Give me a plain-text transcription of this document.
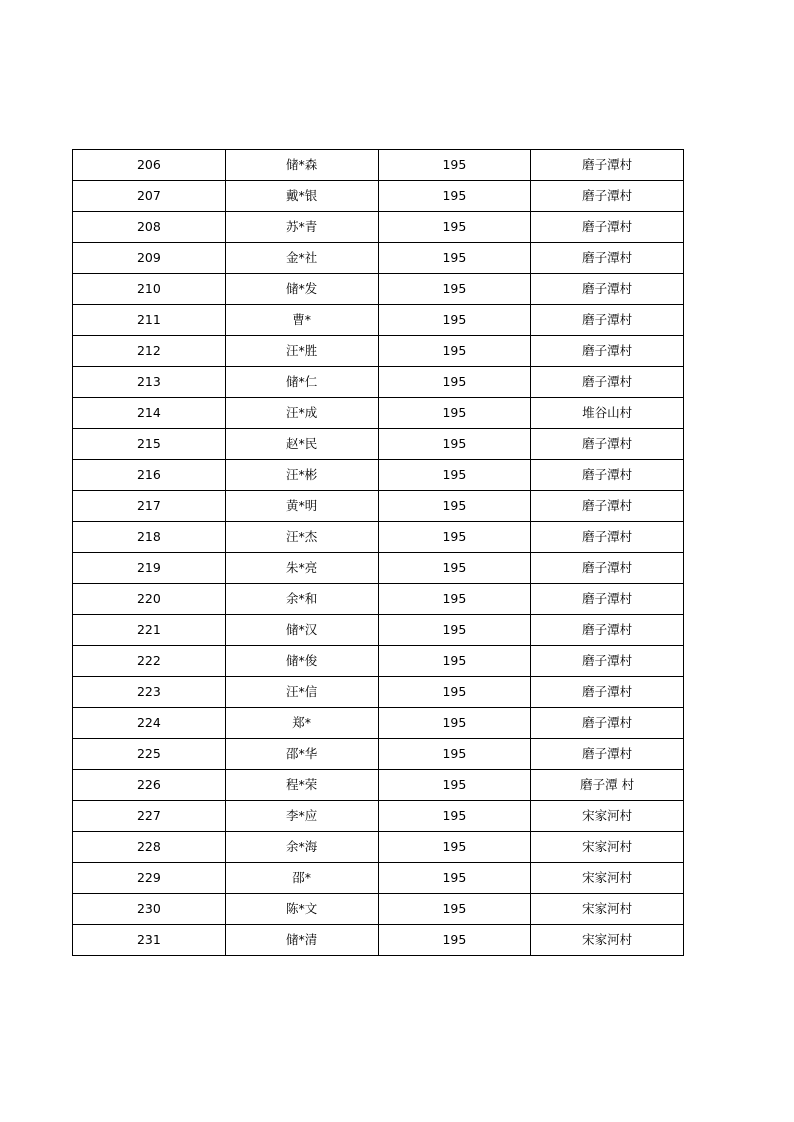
206	储*森	195	磨子潭村
207	戴*银	195	磨子潭村
208	苏*青	195	磨子潭村
209	金*社	195	磨子潭村
210	储*发	195	磨子潭村
211	曹*	195	磨子潭村
212	汪*胜	195	磨子潭村
213	储*仁	195	磨子潭村
214	汪*成	195	堆谷山村
215	赵*民	195	磨子潭村
216	汪*彬	195	磨子潭村
217	黄*明	195	磨子潭村
218	汪*杰	195	磨子潭村
219	朱*亮	195	磨子潭村
220	余*和	195	磨子潭村
221	储*汉	195	磨子潭村
222	储*俊	195	磨子潭村
223	汪*信	195	磨子潭村
224	郑*	195	磨子潭村
225	邵*华	195	磨子潭村
226	程*荣	195	磨子潭 村
227	李*应	195	宋家河村
228	余*海	195	宋家河村
229	邵*	195	宋家河村
230	陈*文	195	宋家河村
231	储*清	195	宋家河村
